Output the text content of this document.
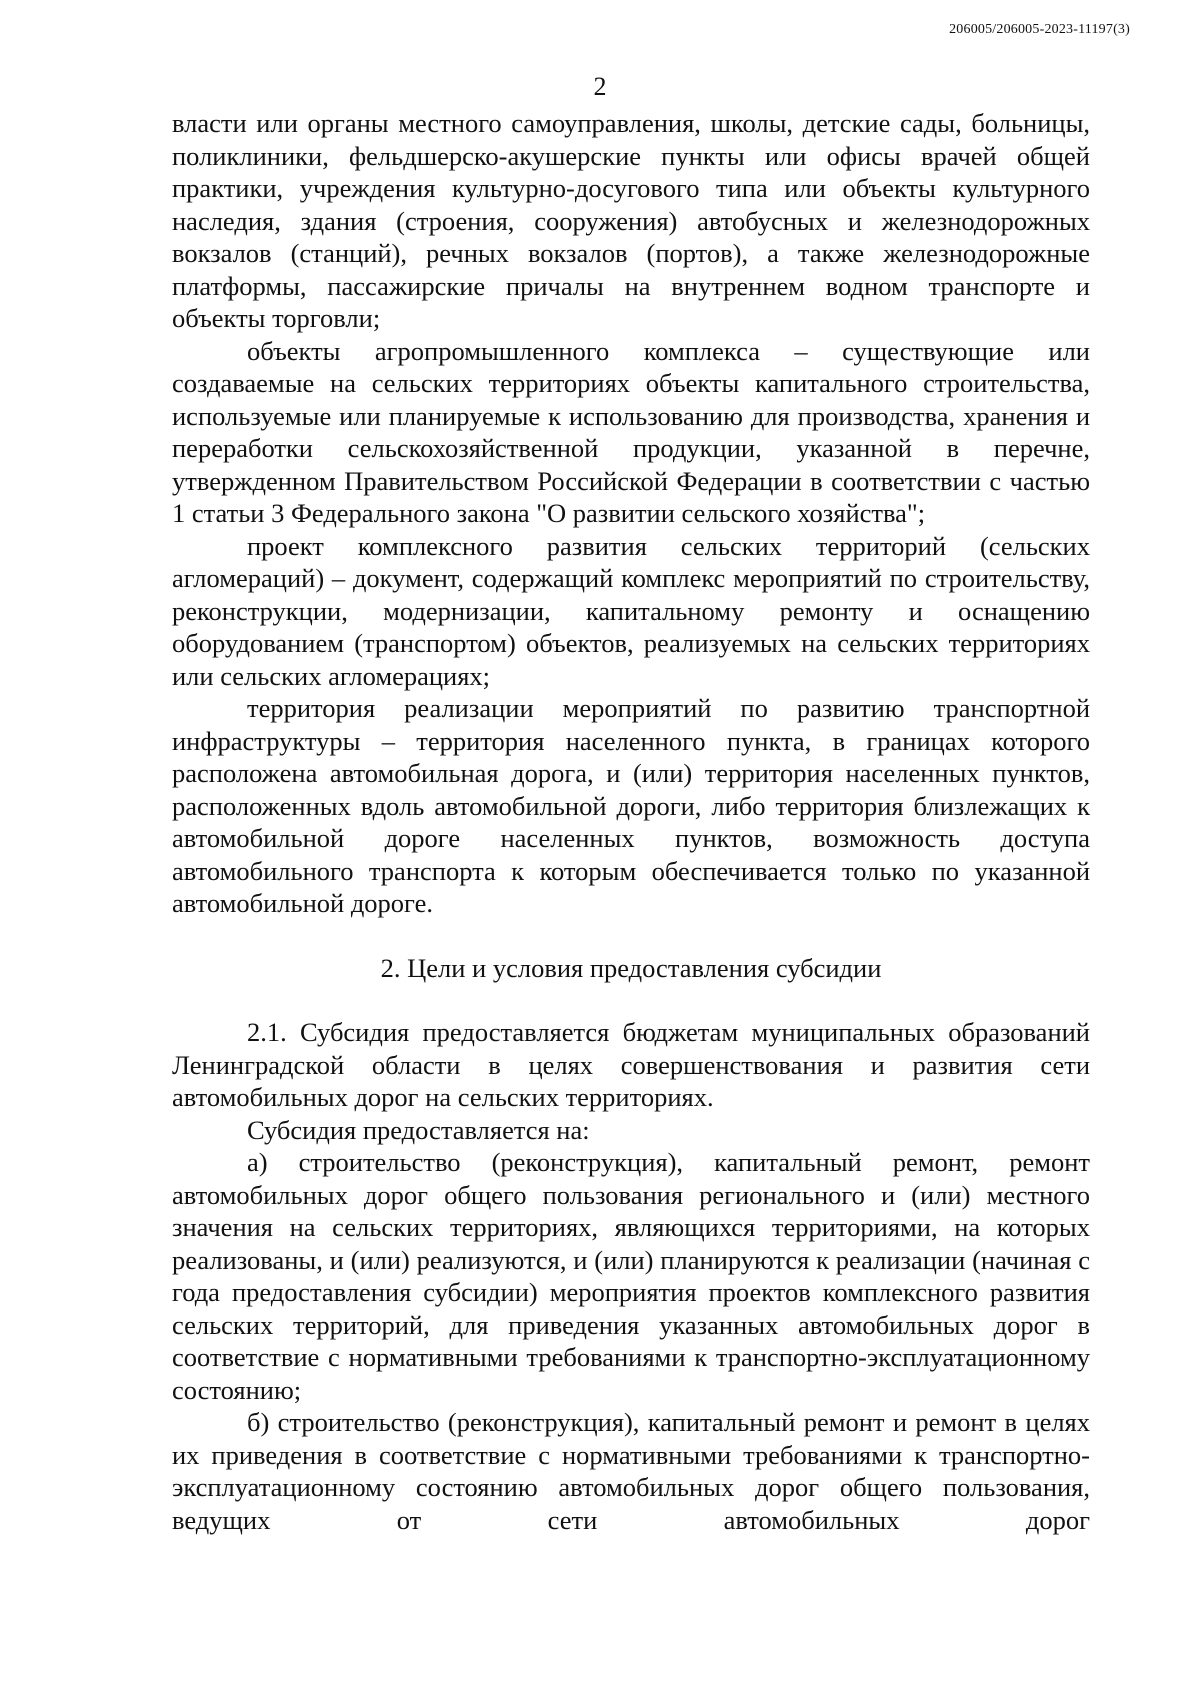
206005/206005-2023-11197(3)
2

власти или органы местного самоуправления, школы, детские сады, больницы, поликлиники, фельдшерско-акушерские пункты или офисы врачей общей практики, учреждения культурно-досугового типа или объекты культурного наследия, здания (строения, сооружения) автобусных и железнодорожных вокзалов (станций), речных вокзалов (портов), а также железнодорожные платформы, пассажирские причалы на внутреннем водном транспорте и объекты торговли;

объекты агропромышленного комплекса – существующие или создаваемые на сельских территориях объекты капитального строительства, используемые или планируемые к использованию для производства, хранения и переработки сельскохозяйственной продукции, указанной в перечне, утвержденном Правительством Российской Федерации в соответствии с частью 1 статьи 3 Федерального закона "О развитии сельского хозяйства";

проект комплексного развития сельских территорий (сельских агломераций) – документ, содержащий комплекс мероприятий по строительству, реконструкции, модернизации, капитальному ремонту и оснащению оборудованием (транспортом) объектов, реализуемых на сельских территориях или сельских агломерациях;

территория реализации мероприятий по развитию транспортной инфраструктуры – территория населенного пункта, в границах которого расположена автомобильная дорога, и (или) территория населенных пунктов, расположенных вдоль автомобильной дороги, либо территория близлежащих к автомобильной дороге населенных пунктов, возможность доступа автомобильного транспорта к которым обеспечивается только по указанной автомобильной дороге.

2. Цели и условия предоставления субсидии

2.1. Субсидия предоставляется бюджетам муниципальных образований Ленинградской области в целях совершенствования и развития сети автомобильных дорог на сельских территориях.

Субсидия предоставляется на:

а) строительство (реконструкция), капитальный ремонт, ремонт автомобильных дорог общего пользования регионального и (или) местного значения на сельских территориях, являющихся территориями, на которых реализованы, и (или) реализуются, и (или) планируются к реализации (начиная с года предоставления субсидии) мероприятия проектов комплексного развития сельских территорий, для приведения указанных автомобильных дорог в соответствие с нормативными требованиями к транспортно-эксплуатационному состоянию;

б) строительство (реконструкция), капитальный ремонт и ремонт в целях их приведения в соответствие с нормативными требованиями к транспортно-эксплуатационному состоянию автомобильных дорог общего пользования, ведущих от сети автомобильных дорог
